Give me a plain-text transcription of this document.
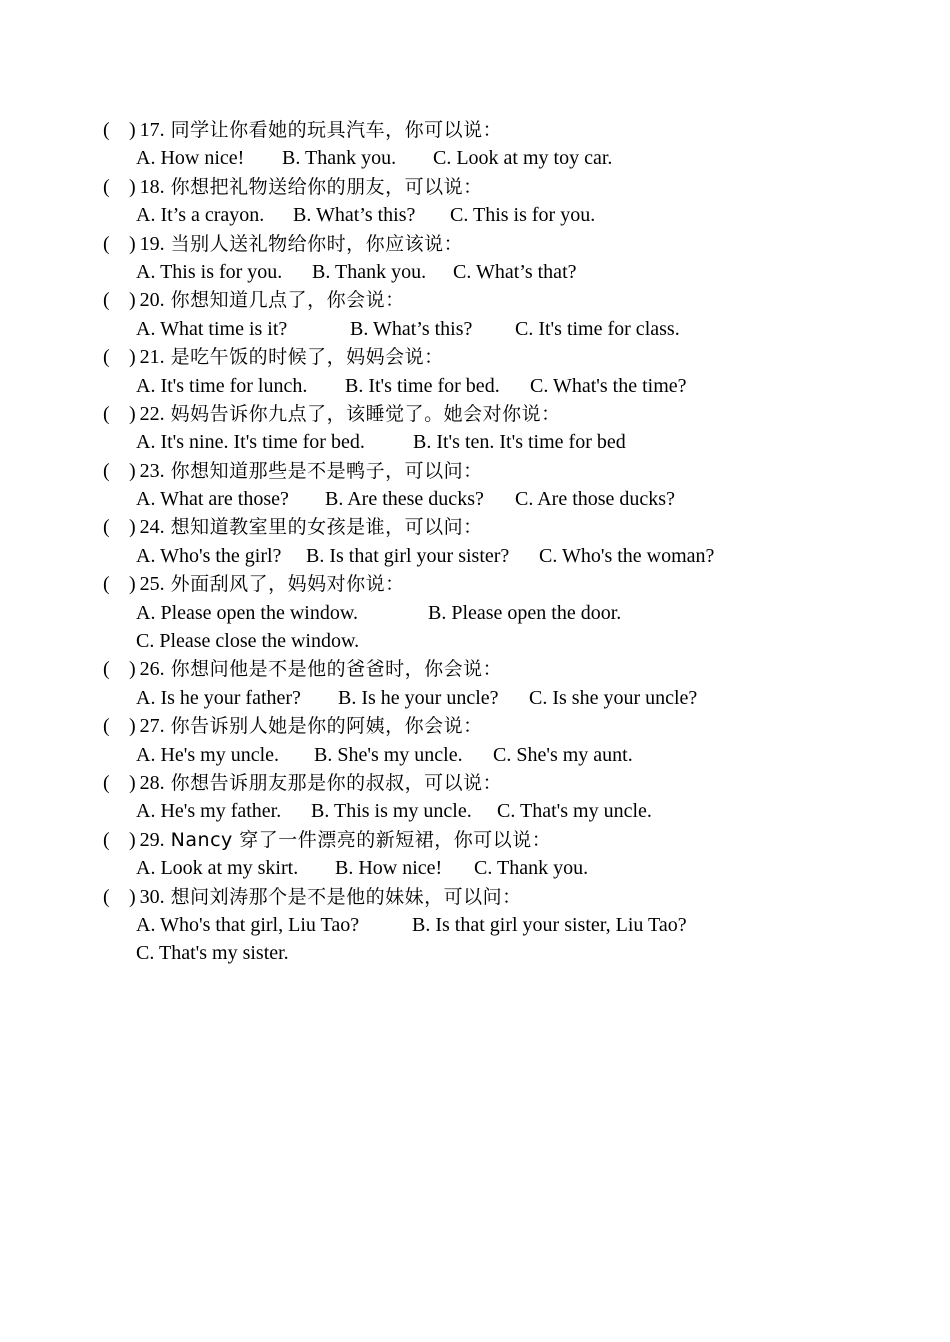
( ) 17. 同学让你看她的玩具汽车，你可以说：
A. How nice! B. Thank you. C. Look at my toy car.
( ) 18. 你想把礼物送给你的朋友，可以说：
A. It’s a crayon. B. What’s this? C. This is for you.
( ) 19. 当别人送礼物给你时，你应该说：
A. This is for you. B. Thank you. C. What’s that?
( ) 20. 你想知道几点了，你会说：
A. What time is it?	B. What’s this? C. It's time for class.
( ) 21. 是吃午饭的时候了，妈妈会说：
A. It's time for lunch. B. It's time for bed. C. What's the time?
( ) 22. 妈妈告诉你九点了，该睡觉了。她会对你说：
A. It's nine. It's time for bed. B. It's ten. It's time for bed
( ) 23. 你想知道那些是不是鸭子，可以问：
A. What are those? B. Are these ducks? C. Are those ducks?
( ) 24. 想知道教室里的女孩是谁，可以问：
A. Who's the girl? B. Is that girl your sister? C. Who's the woman?
( ) 25. 外面刮风了，妈妈对你说：
A. Please open the window.	B. Please open the door.
C. Please close the window.
( ) 26. 你想问他是不是他的爸爸时，你会说：
A. Is he your father? B. Is he your uncle? C. Is she your uncle?
( ) 27. 你告诉别人她是你的阿姨，你会说：
A. He's my uncle. B. She's my uncle. C. She's my aunt.
( ) 28. 你想告诉朋友那是你的叔叔，可以说：
A. He's my father. B. This is my uncle. C. That's my uncle.
( ) 29. Nancy 穿了一件漂亮的新短裙，你可以说：
A. Look at my skirt. B. How nice! C. Thank you.
( ) 30. 想问刘涛那个是不是他的妹妹，可以问：
A. Who's that girl, Liu Tao?	B. Is that girl your sister, Liu Tao?
C. That's my sister.
